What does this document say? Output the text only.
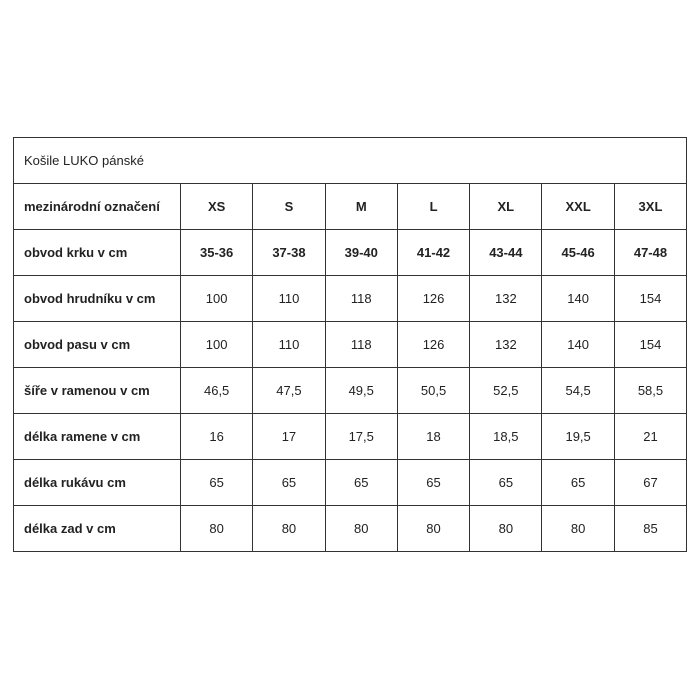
Košile LUKO pánské							
mezinárodní označení	XS	S	M	L	XL	XXL	3XL
obvod krku v cm	35-36	37-38	39-40	41-42	43-44	45-46	47-48
obvod hrudníku v cm	100	110	118	126	132	140	154
obvod pasu v cm	100	110	118	126	132	140	154
šíře v ramenou v cm	46,5	47,5	49,5	50,5	52,5	54,5	58,5
délka ramene v cm	16	17	17,5	18	18,5	19,5	21
délka rukávu cm	65	65	65	65	65	65	67
délka zad v cm	80	80	80	80	80	80	85
